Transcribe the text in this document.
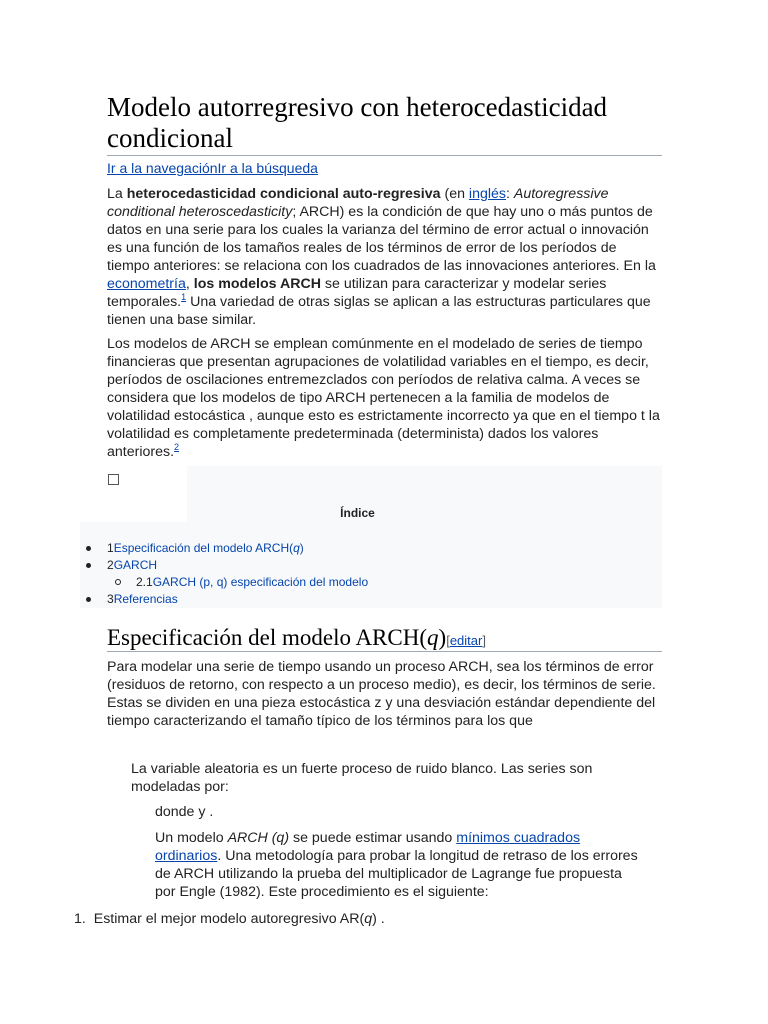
Modelo autorregresivo con heterocedasticidad condicional
Ir a la navegaciónIr a la búsqueda

La heterocedasticidad condicional auto-regresiva (en inglés: Autoregressive conditional heteroscedasticity; ARCH) es la condición de que hay uno o más puntos de datos en una serie para los cuales la varianza del término de error actual o innovación es una función de los tamaños reales de los términos de error de los períodos de tiempo anteriores: se relaciona con los cuadrados de las innovaciones anteriores. En la econometría, los modelos ARCH se utilizan para caracterizar y modelar series temporales.$^1$ Una variedad de otras siglas se aplican a las estructuras particulares que tienen una base similar.

Los modelos de ARCH se emplean comúnmente en el modelado de series de tiempo financieras que presentan agrupaciones de volatilidad variables en el tiempo, es decir, períodos de oscilaciones entremezclados con períodos de relativa calma. A veces se considera que los modelos de tipo ARCH pertenecen a la familia de modelos de volatilidad estocástica , aunque esto es estrictamente incorrecto ya que en el tiempo t la volatilidad es completamente predeterminada (determinista) dados los valores anteriores.$^2$

Índice
1Especificación del modelo ARCH(q)
2GARCH
2.1GARCH (p, q) especificación del modelo
3Referencias
Especificación del modelo ARCH(q)[editar]

Para modelar una serie de tiempo usando un proceso ARCH, sea los términos de error (residuos de retorno, con respecto a un proceso medio), es decir, los términos de serie. Estas se dividen en una pieza estocástica z y una desviación estándar dependiente del tiempo caracterizando el tamaño típico de los términos para los que

La variable aleatoria es un fuerte proceso de ruido blanco. Las series son modeladas por:

donde y .

Un modelo ARCH (q) se puede estimar usando mínimos cuadrados ordinarios. Una metodología para probar la longitud de retraso de los errores de ARCH utilizando la prueba del multiplicador de Lagrange fue propuesta por Engle (1982). Este procedimiento es el siguiente:

1. Estimar el mejor modelo autoregresivo AR(q) .
